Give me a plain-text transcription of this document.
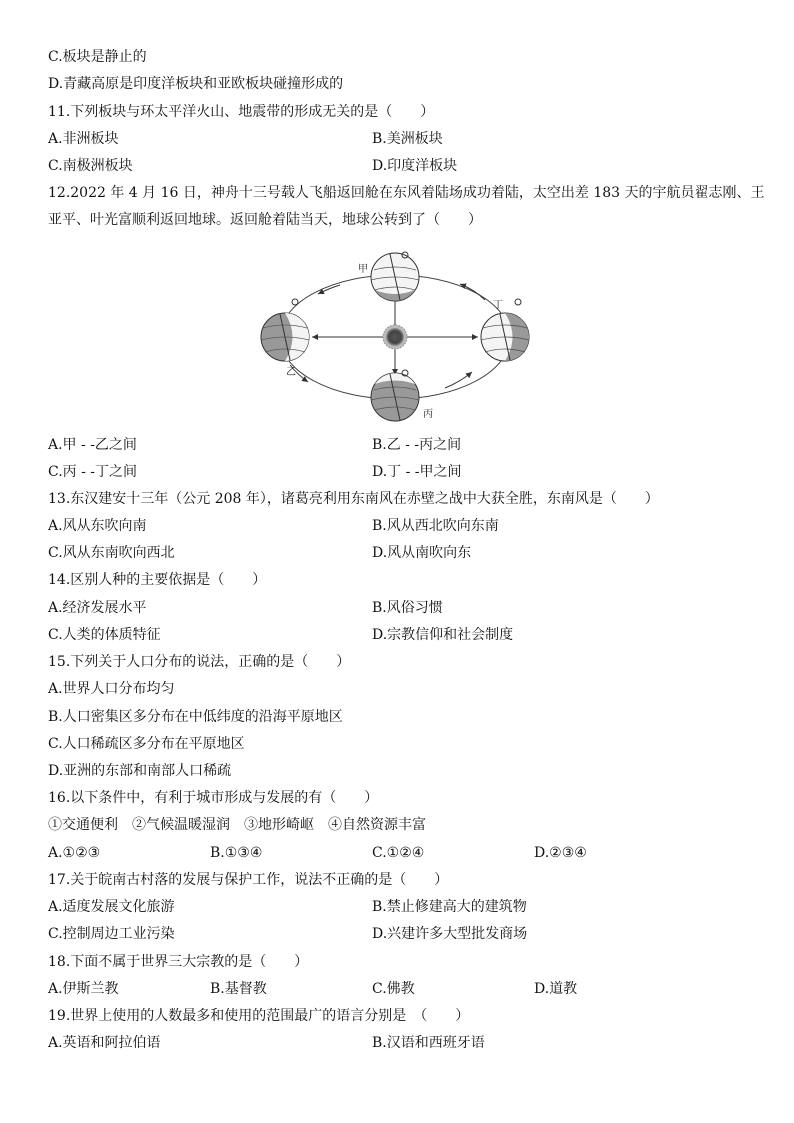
C.板块是静止的
D.青藏高原是印度洋板块和亚欧板块碰撞形成的
11.下列板块与环太平洋火山、地震带的形成无关的是（　　）
A.非洲板块	B.美洲板块
C.南极洲板块	D.印度洋板块
12.2022 年 4 月 16 日，神舟十三号载人飞船返回舱在东风着陆场成功着陆，太空出差 183 天的宇航员翟志刚、王
亚平、叶光富顺利返回地球。返回舱着陆当天，地球公转到了（　　）
甲
乙
丙
丁
A.甲 - -乙之间	B.乙 - -丙之间
C.丙 - -丁之间	D.丁 - -甲之间
13.东汉建安十三年（公元 208 年），诸葛亮利用东南风在赤壁之战中大获全胜，东南风是（　　）
A.风从东吹向南	B.风从西北吹向东南
C.风从东南吹向西北	D.风从南吹向东
14.区别人种的主要依据是（　　）
A.经济发展水平	B.风俗习惯
C.人类的体质特征	D.宗教信仰和社会制度
15.下列关于人口分布的说法，正确的是（　　）
A.世界人口分布均匀
B.人口密集区多分布在中低纬度的沿海平原地区
C.人口稀疏区多分布在平原地区
D.亚洲的东部和南部人口稀疏
16.以下条件中，有利于城市形成与发展的有（　　）
①交通便利　②气候温暖湿润　③地形崎岖　④自然资源丰富
A.①②③	B.①③④	C.①②④	D.②③④
17.关于皖南古村落的发展与保护工作，说法不正确的是（　　）
A.适度发展文化旅游	B.禁止修建高大的建筑物
C.控制周边工业污染	D.兴建许多大型批发商场
18.下面不属于世界三大宗教的是（　　）
A.伊斯兰教	B.基督教	C.佛教	D.道教
19.世界上使用的人数最多和使用的范围最广的语言分别是　（　　）
A.英语和阿拉伯语	B.汉语和西班牙语
